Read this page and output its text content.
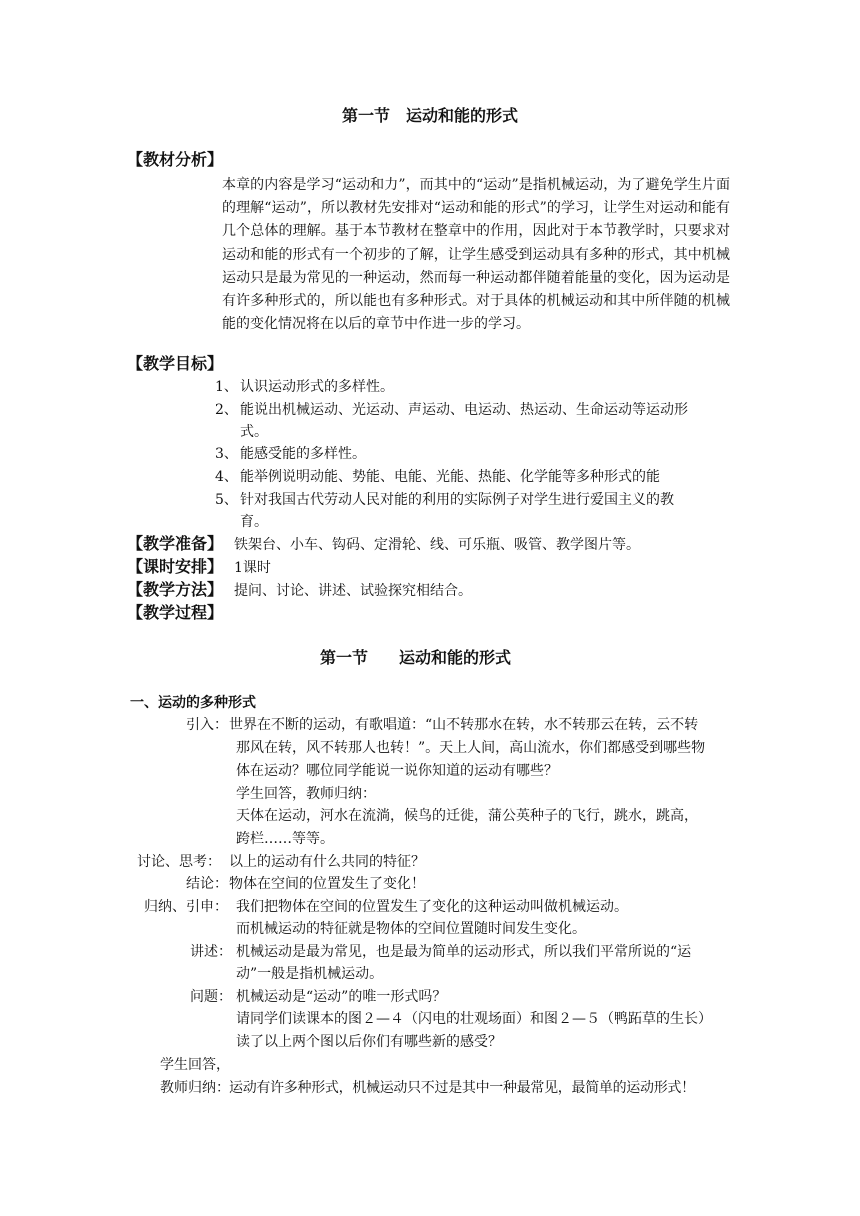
第一节　运动和能的形式
【教材分析】
本章的内容是学习“运动和力”，而其中的“运动”是指机械运动，为了避免学生片面的理解“运动”，所以教材先安排对“运动和能的形式”的学习，让学生对运动和能有几个总体的理解。基于本节教材在整章中的作用，因此对于本节教学时，只要求对运动和能的形式有一个初步的了解，让学生感受到运动具有多种的形式，其中机械运动只是最为常见的一种运动，然而每一种运动都伴随着能量的变化，因为运动是有许多种形式的，所以能也有多种形式。对于具体的机械运动和其中所伴随的机械能的变化情况将在以后的章节中作进一步的学习。
【教学目标】
1、 认识运动形式的多样性。
2、 能说出机械运动、光运动、声运动、电运动、热运动、生命运动等运动形
式。
3、 能感受能的多样性。
4、 能举例说明动能、势能、电能、光能、热能、化学能等多种形式的能
5、 针对我国古代劳动人民对能的利用的实际例子对学生进行爱国主义的教
育。
【教学准备】 铁架台、小车、钩码、定滑轮、线、可乐瓶、吸管、教学图片等。
【课时安排】 1课时
【教学方法】 提问、讨论、讲述、试验探究相结合。
【教学过程】
第一节 运动和能的形式
一、运动的多种形式
引入： 世界在不断的运动，有歌唱道：“山不转那水在转，水不转那云在转，云不转
那风在转，风不转那人也转！”。天上人间，高山流水，你们都感受到哪些物
体在运动？哪位同学能说一说你知道的运动有哪些？
学生回答，教师归纳：
天体在运动，河水在流淌，候鸟的迁徙，蒲公英种子的飞行，跳水，跳高，
跨栏……等等。
讨论、思考： 以上的运动有什么共同的特征？
结论： 物体在空间的位置发生了变化！
归纳、引申： 我们把物体在空间的位置发生了变化的这种运动叫做机械运动。
而机械运动的特征就是物体的空间位置随时间发生变化。
讲述： 机械运动是最为常见，也是最为简单的运动形式，所以我们平常所说的“运
动”一般是指机械运动。
问题： 机械运动是“运动”的唯一形式吗？
请同学们读课本的图２—４（闪电的壮观场面）和图２—５（鸭跖草的生长）
读了以上两个图以后你们有哪些新的感受？
学生回答，
教师归纳： 运动有许多种形式，机械运动只不过是其中一种最常见，最简单的运动形式！
